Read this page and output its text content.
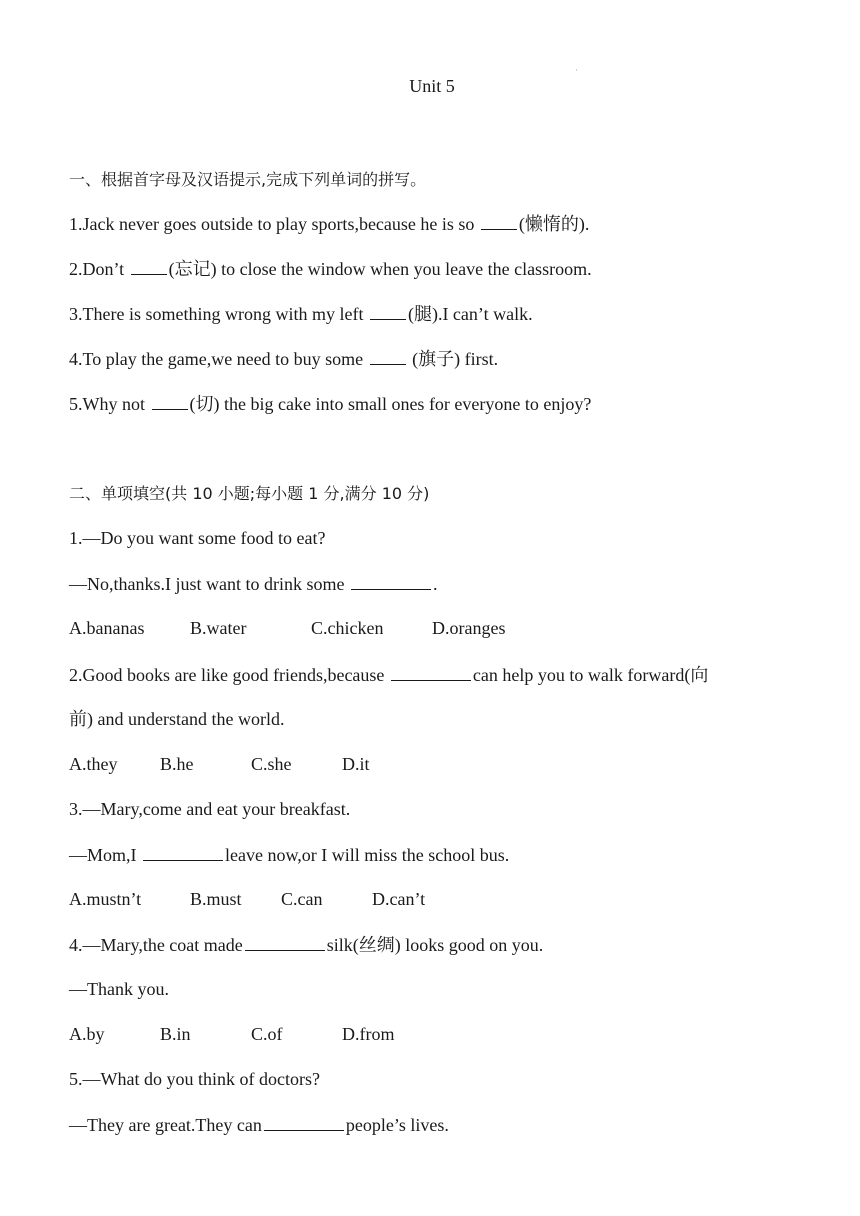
·
Unit 5
一、根据首字母及汉语提示,完成下列单词的拼写。
1.Jack never goes outside to play sports,because he is so (懒惰的).
2.Don’t (忘记) to close the window when you leave the classroom.
3.There is something wrong with my left (腿).I can’t walk.
4.To play the game,we need to buy some  (旗子) first.
5.Why not (切) the big cake into small ones for everyone to enjoy?
二、单项填空(共 10 小题;每小题 1 分,满分 10 分)
1.—Do you want some food to eat?
—No,thanks.I just want to drink some	.
A.bananas	B.water	C.chicken	D.oranges
2.Good books are like good friends,because	can help you to walk forward(向
前) and understand the world.
A.they B.he	C.she	D.it
3.—Mary,come and eat your breakfast.
—Mom,I	leave now,or I will miss the school bus.
A.mustn’t	B.must C.can	D.can’t
4.—Mary,the coat made	silk(丝绸) looks good on you.
—Thank you.
A.by	B.in	C.of	D.from
5.—What do you think of doctors?
—They are great.They can	people’s lives.
